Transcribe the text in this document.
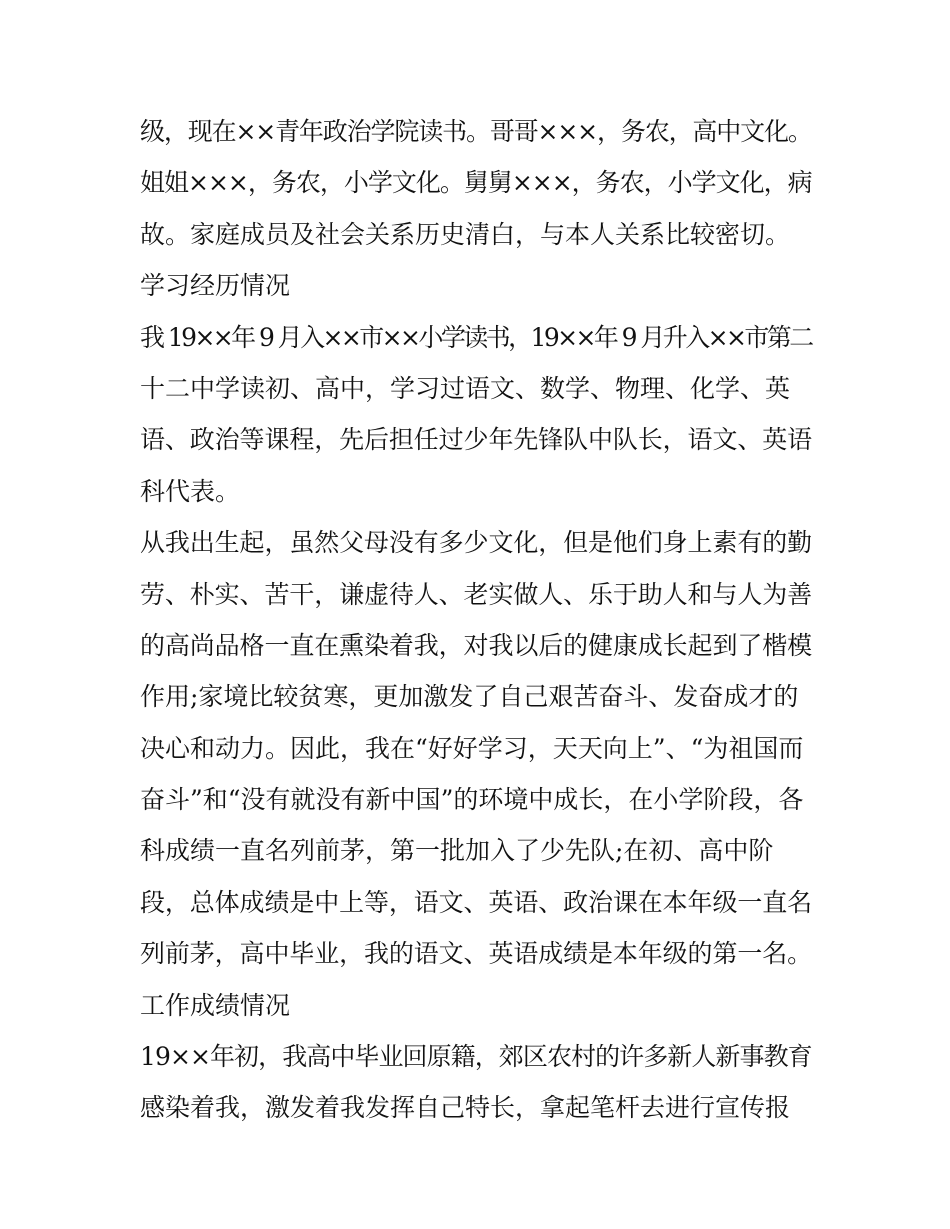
级，现在××青年政治学院读书。哥哥×××，务农，高中文化。
姐姐×××，务农，小学文化。舅舅×××，务农，小学文化，病
故。家庭成员及社会关系历史清白，与本人关系比较密切。
学习经历情况
我 19××年 9 月入××市××小学读书，19××年 9 月升入××市第二
十二中学读初、高中，学习过语文、数学、物理、化学、英
语、政治等课程，先后担任过少年先锋队中队长，语文、英语
科代表。
从我出生起，虽然父母没有多少文化，但是他们身上素有的勤
劳、朴实、苦干，谦虚待人、老实做人、乐于助人和与人为善
的高尚品格一直在熏染着我，对我以后的健康成长起到了楷模
作用;家境比较贫寒，更加激发了自己艰苦奋斗、发奋成才的
决心和动力。因此，我在“好好学习，天天向上”、“为祖国而
奋斗”和“没有就没有新中国”的环境中成长，在小学阶段，各
科成绩一直名列前茅，第一批加入了少先队;在初、高中阶
段，总体成绩是中上等，语文、英语、政治课在本年级一直名
列前茅，高中毕业，我的语文、英语成绩是本年级的第一名。
工作成绩情况
19××年初，我高中毕业回原籍，郊区农村的许多新人新事教育
感染着我，激发着我发挥自己特长，拿起笔杆去进行宣传报
